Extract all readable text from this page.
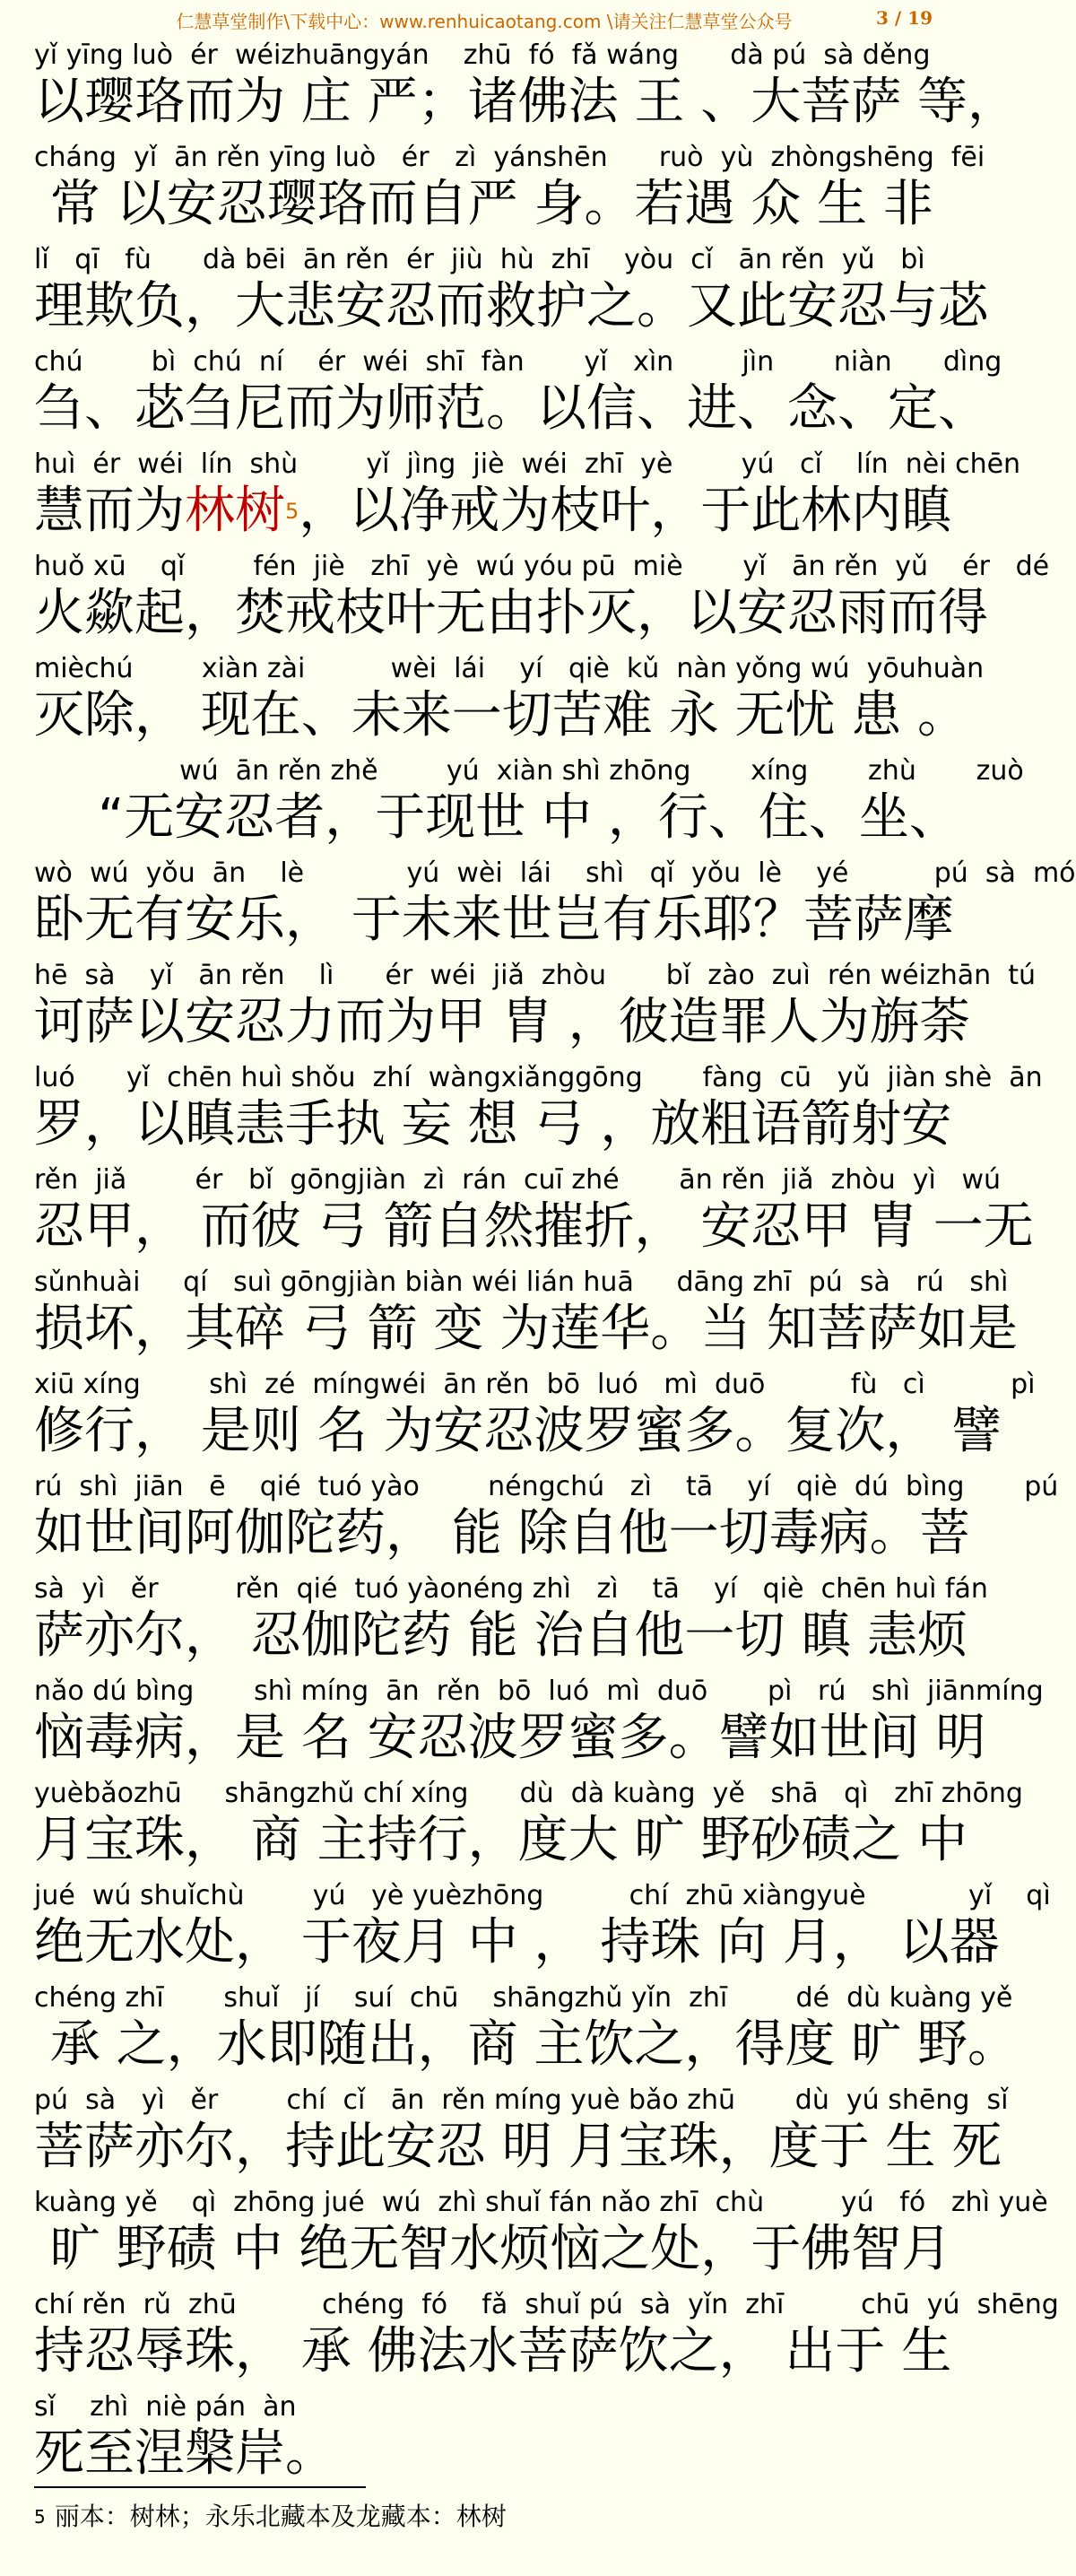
仁慧草堂制作\下载中心：www.renhuicaotang.com \请关注仁慧草堂公众号	3 / 19
yǐ yīng luò  ér  wéizhuāngyán    zhū  fó  fǎ wáng      dà pú  sà děng
以璎珞而为 庄 严；诸佛法 王 、大菩萨 等，
cháng  yǐ  ān rěn yīng luò   ér   zì  yánshēn      ruò  yù  zhòngshēng  fēi
常 以安忍璎珞而自严 身。若遇 众 生 非
lǐ   qī   fù      dà bēi  ān rěn  ér  jiù  hù  zhī    yòu  cǐ   ān rěn  yǔ   bì
理欺负，大悲安忍而救护之。又此安忍与苾
chú        bì  chú  ní    ér  wéi  shī  fàn       yǐ   xìn        jìn       niàn      dìng
刍、苾刍尼而为师范。以信、进、念、定、
huì  ér  wéi  lín  shù        yǐ  jìng  jiè  wéi  zhī  yè        yú   cǐ    lín  nèi chēn
慧而为林树$^5$，以净戒为枝叶，于此林内瞋
huǒ xū    qǐ        fén  jiè   zhī  yè  wú yóu pū  miè       yǐ   ān rěn  yǔ    ér   dé
火歘起，焚戒枝叶无由扑灭，以安忍雨而得
mièchú        xiàn zài          wèi  lái    yí   qiè  kǔ  nàn yǒng wú  yōuhuàn
灭除， 现在、未来一切苦难 永 无忧 患 。
wú  ān rěn zhě        yú  xiàn shì zhōng       xíng       zhù       zuò
“无安忍者，于现世 中 ，行、住、坐、
wò  wú  yǒu  ān    lè            yú  wèi  lái    shì   qǐ  yǒu  lè    yé          pú  sà  mó
卧无有安乐， 于未来世岂有乐耶？菩萨摩
hē  sà    yǐ   ān rěn    lì      ér  wéi  jiǎ  zhòu       bǐ  zào  zuì  rén wéizhān  tú
诃萨以安忍力而为甲 胄 ，彼造罪人为旃荼
luó      yǐ  chēn huì shǒu  zhí  wàngxiǎnggōng       fàng  cū   yǔ  jiàn shè  ān
罗，以瞋恚手执 妄 想 弓 ，放粗语箭射安
rěn  jiǎ        ér   bǐ  gōngjiàn  zì  rán  cuī zhé       ān rěn  jiǎ  zhòu  yì   wú
忍甲， 而彼 弓 箭自然摧折， 安忍甲 胄 一无
sǔnhuài     qí   suì gōngjiàn biàn wéi lián huā     dāng zhī  pú  sà   rú   shì
损坏，其碎 弓 箭 变 为莲华。当 知菩萨如是
xiū xíng        shì  zé  míngwéi  ān rěn  bō  luó   mì  duō          fù   cì          pì
修行， 是则 名 为安忍波罗蜜多。复次， 譬
rú  shì  jiān   ē    qié  tuó yào        néngchú   zì    tā    yí   qiè  dú  bìng       pú
如世间阿伽陀药， 能 除自他一切毒病。菩
sà  yì   ěr         rěn  qié  tuó yàonéng zhì   zì    tā    yí   qiè  chēn huì fán
萨亦尔， 忍伽陀药 能 治自他一切 瞋 恚烦
nǎo dú bìng       shì míng  ān  rěn  bō  luó  mì  duō       pì   rú   shì  jiānmíng
恼毒病，是 名 安忍波罗蜜多。譬如世间 明
yuèbǎozhū     shāngzhǔ chí xíng      dù  dà kuàng  yě   shā   qì   zhī zhōng
月宝珠， 商 主持行，度大 旷 野砂碛之 中
jué  wú shuǐchù        yú   yè yuèzhōng          chí  zhū xiàngyuè            yǐ    qì
绝无水处， 于夜月 中 ， 持珠 向 月， 以器
chéng zhī       shuǐ   jí    suí  chū    shāngzhǔ yǐn  zhī        dé  dù kuàng yě
承 之，水即随出，商 主饮之，得度 旷 野。
pú  sà   yì   ěr        chí  cǐ   ān  rěn míng yuè bǎo zhū       dù  yú shēng  sǐ
菩萨亦尔，持此安忍 明 月宝珠，度于 生 死
kuàng yě    qì  zhōng jué  wú  zhì shuǐ fán nǎo zhī  chù         yú   fó   zhì yuè
旷 野碛 中 绝无智水烦恼之处，于佛智月
chí rěn  rǔ  zhū          chéng  fó    fǎ  shuǐ pú  sà  yǐn  zhī         chū  yú  shēng
持忍辱珠， 承 佛法水菩萨饮之， 出于 生
sǐ    zhì  niè pán  àn
死至涅槃岸。
$^5$ 丽本：树林；永乐北藏本及龙藏本：林树
